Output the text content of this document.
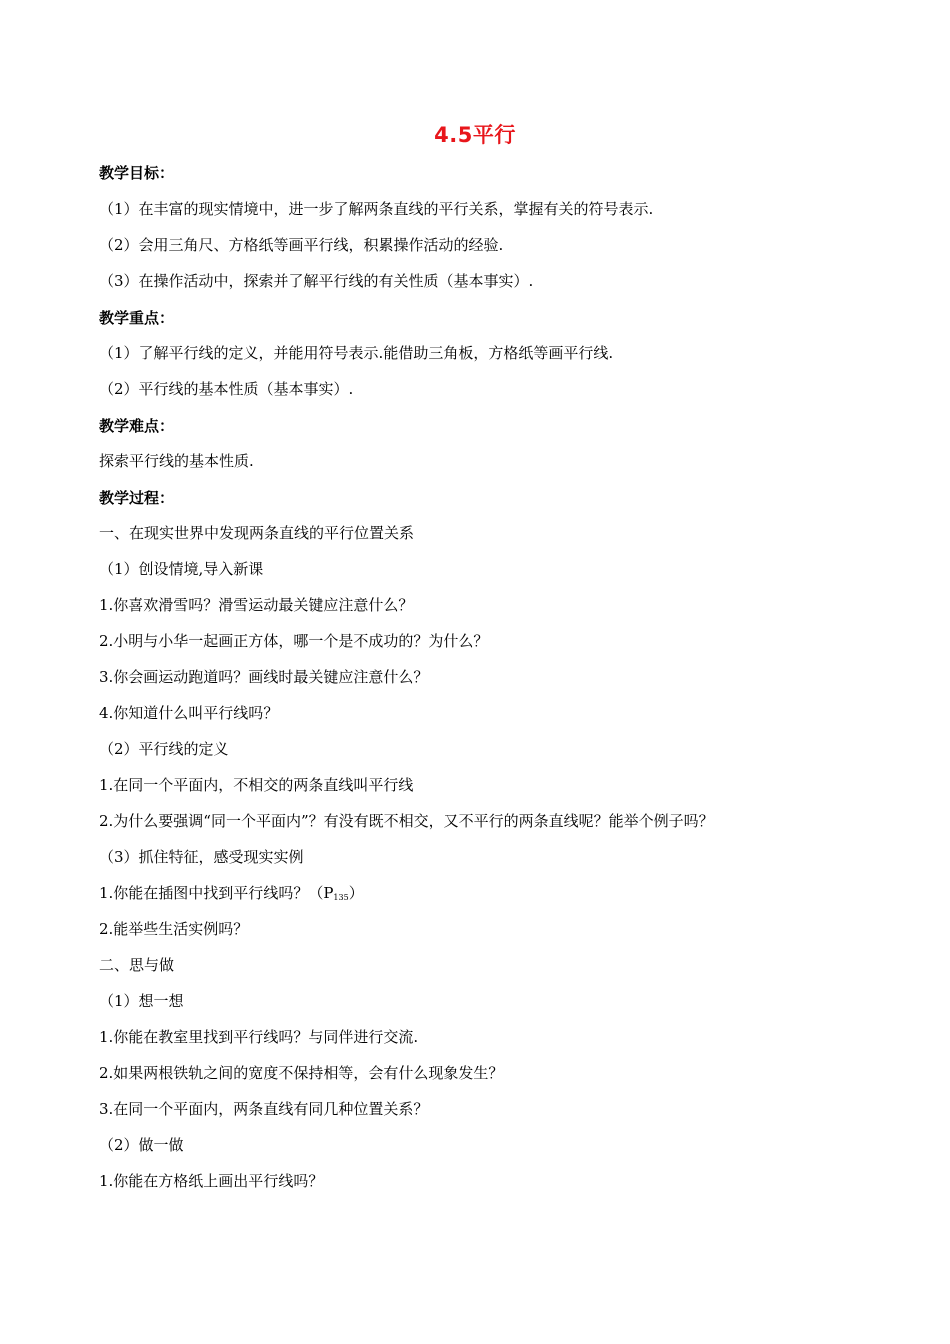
4.5平行
教学目标：
（1）在丰富的现实情境中，进一步了解两条直线的平行关系，掌握有关的符号表示.
（2）会用三角尺、方格纸等画平行线，积累操作活动的经验.
（3）在操作活动中，探索并了解平行线的有关性质（基本事实）.
教学重点：
（1）了解平行线的定义，并能用符号表示.能借助三角板，方格纸等画平行线.
（2）平行线的基本性质（基本事实）.
教学难点：
探索平行线的基本性质.
教学过程：
一、在现实世界中发现两条直线的平行位置关系
（1）创设情境,导入新课
1.你喜欢滑雪吗？滑雪运动最关键应注意什么？
2.小明与小华一起画正方体，哪一个是不成功的？为什么？
3.你会画运动跑道吗？画线时最关键应注意什么？
4.你知道什么叫平行线吗？
（2）平行线的定义
1.在同一个平面内，不相交的两条直线叫平行线
2.为什么要强调“同一个平面内”？有没有既不相交，又不平行的两条直线呢？能举个例子吗？
（3）抓住特征，感受现实实例
1.你能在插图中找到平行线吗？$(P_{135})$
2.能举些生活实例吗？
二、思与做
（1）想一想
1.你能在教室里找到平行线吗？与同伴进行交流.
2.如果两根铁轨之间的宽度不保持相等，会有什么现象发生？
3.在同一个平面内，两条直线有同几种位置关系？
（2）做一做
1.你能在方格纸上画出平行线吗？
